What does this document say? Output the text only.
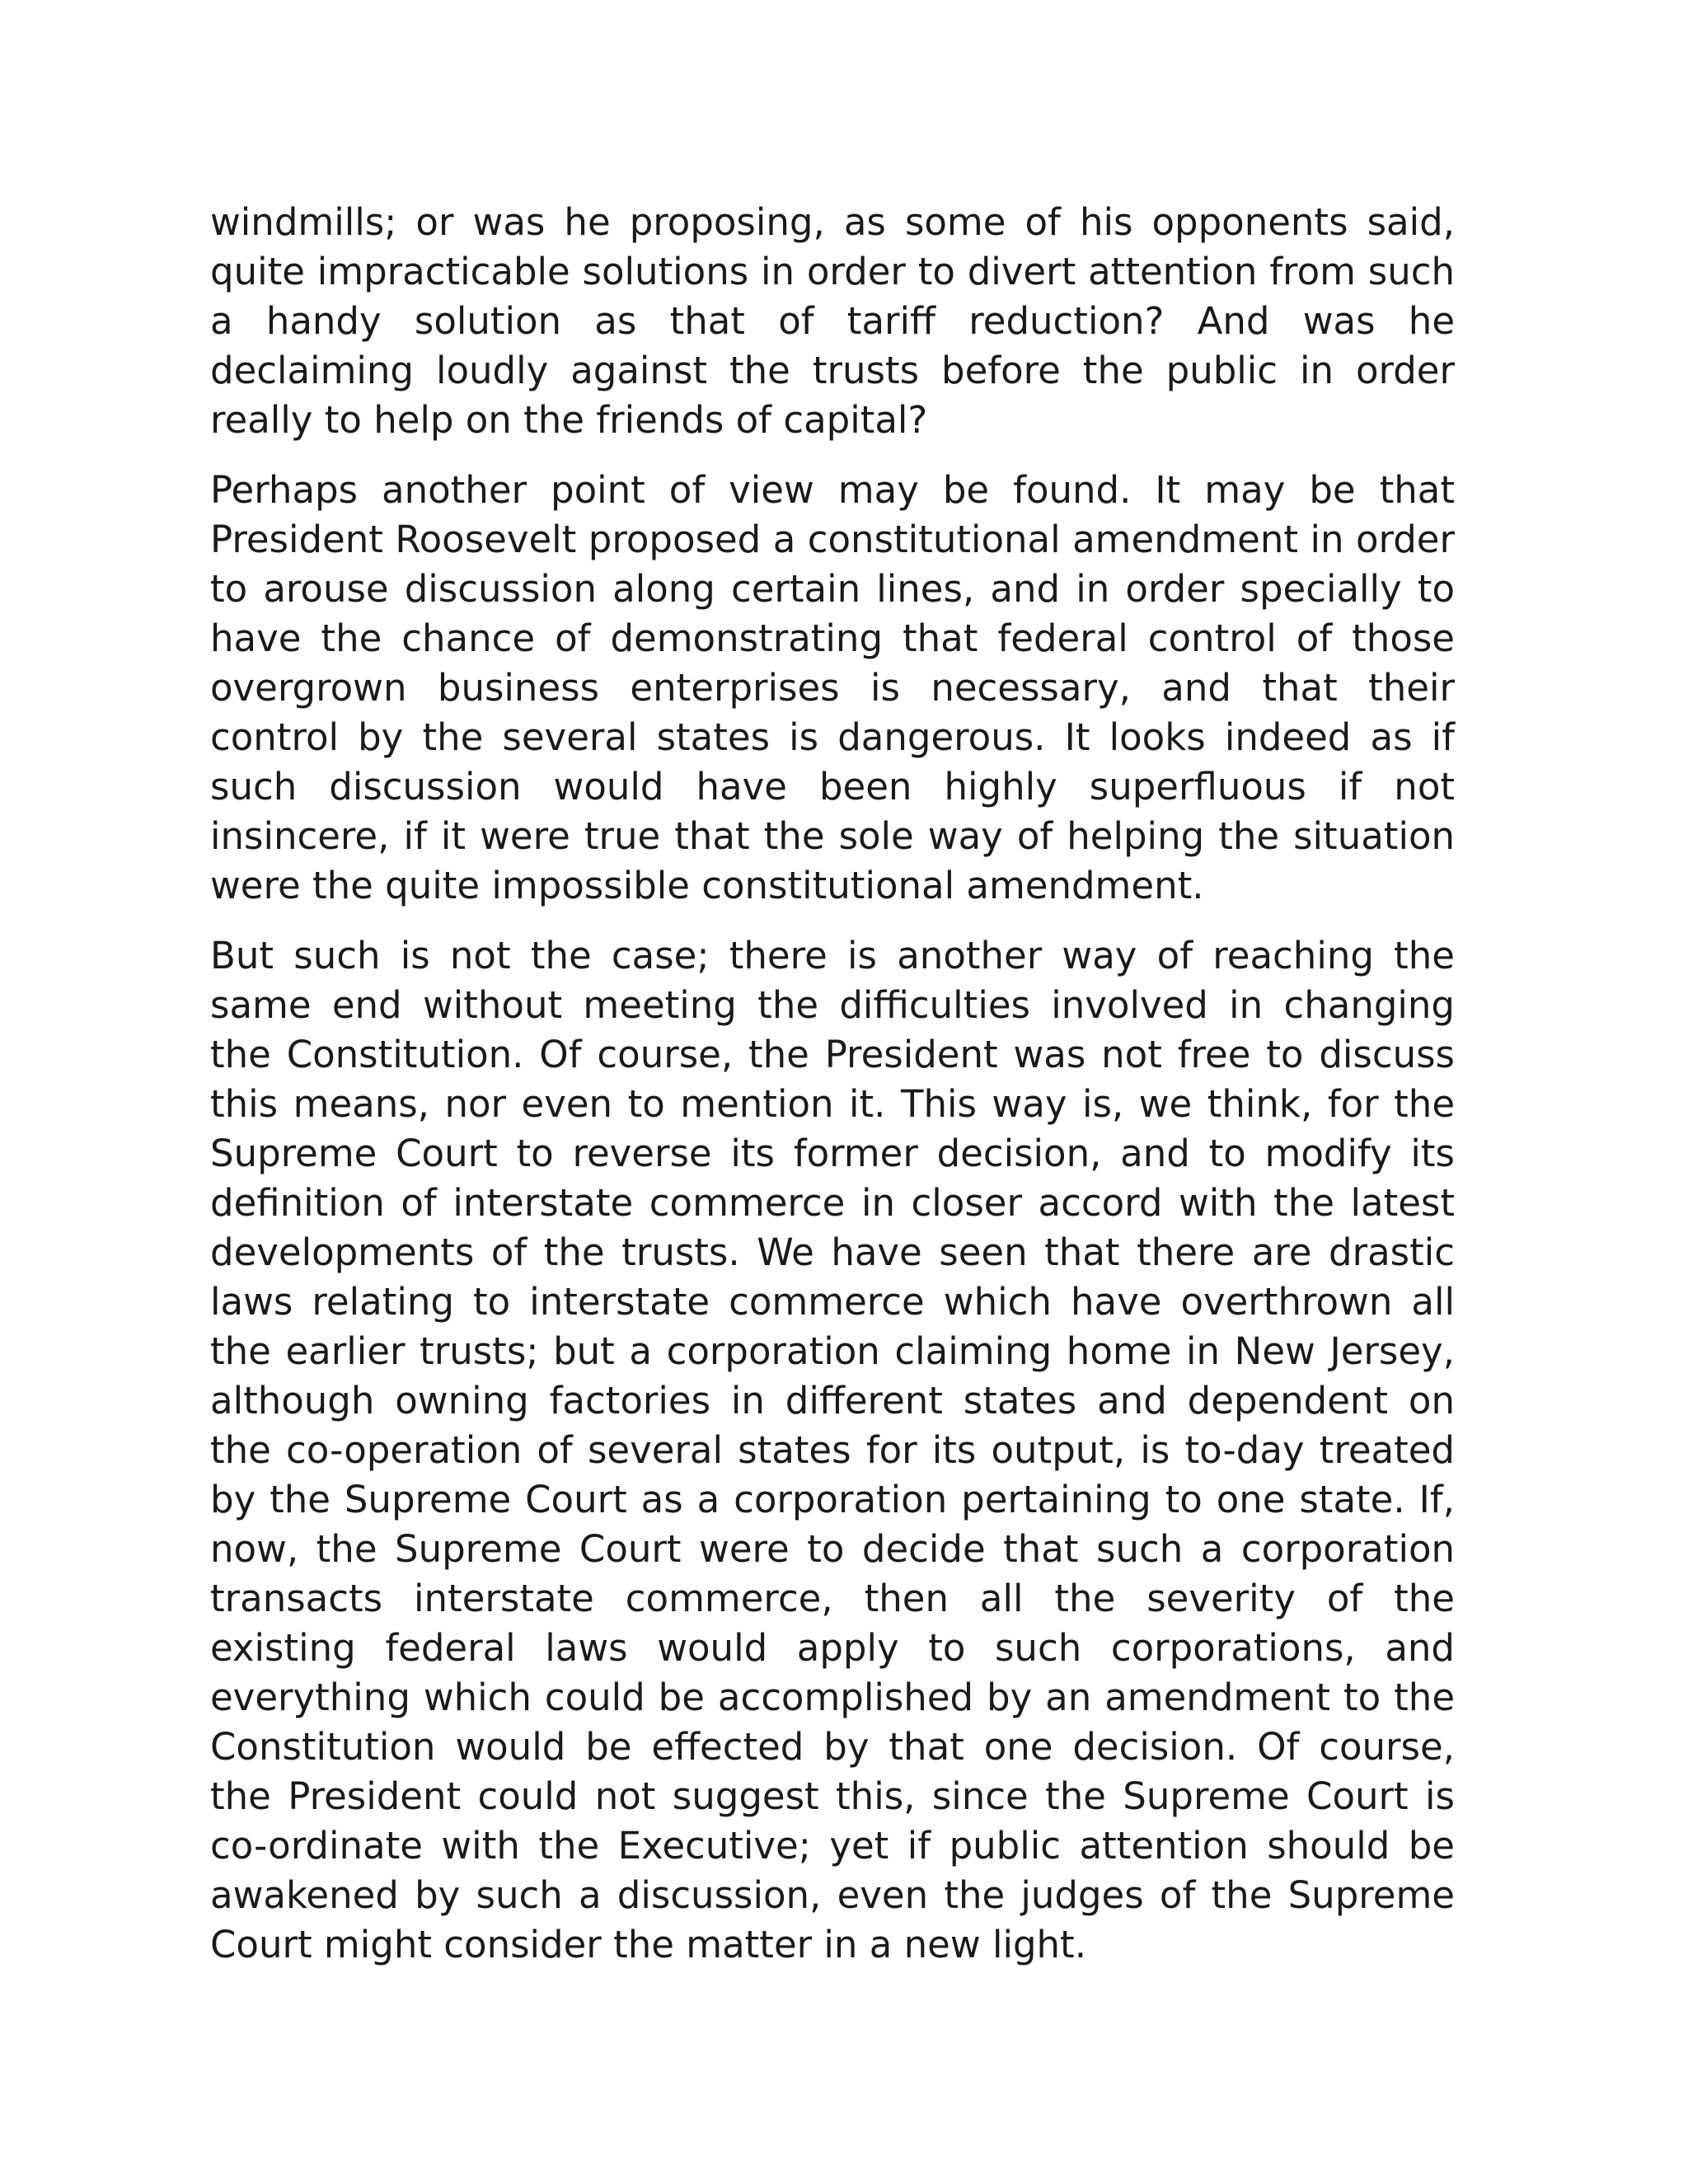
windmills; or was he proposing, as some of his opponents said, quite impracticable solutions in order to divert attention from such a handy solution as that of tariff reduction? And was he declaiming loudly against the trusts before the public in order really to help on the friends of capital?

Perhaps another point of view may be found. It may be that President Roosevelt proposed a constitutional amendment in order to arouse discussion along certain lines, and in order specially to have the chance of demonstrating that federal control of those overgrown business enterprises is necessary, and that their control by the several states is dangerous. It looks indeed as if such discussion would have been highly superfluous if not insincere, if it were true that the sole way of helping the situation were the quite impossible constitutional amendment.

But such is not the case; there is another way of reaching the same end without meeting the difficulties involved in changing the Constitution. Of course, the President was not free to discuss this means, nor even to mention it. This way is, we think, for the Supreme Court to reverse its former decision, and to modify its definition of interstate commerce in closer accord with the latest developments of the trusts. We have seen that there are drastic laws relating to interstate commerce which have overthrown all the earlier trusts; but a corporation claiming home in New Jersey, although owning factories in different states and dependent on the co-operation of several states for its output, is to-day treated by the Supreme Court as a corporation pertaining to one state. If, now, the Supreme Court were to decide that such a corporation transacts interstate commerce, then all the severity of the existing federal laws would apply to such corporations, and everything which could be accomplished by an amendment to the Constitution would be effected by that one decision. Of course, the President could not suggest this, since the Supreme Court is co-ordinate with the Executive; yet if public attention should be awakened by such a discussion, even the judges of the Supreme Court might consider the matter in a new light.
